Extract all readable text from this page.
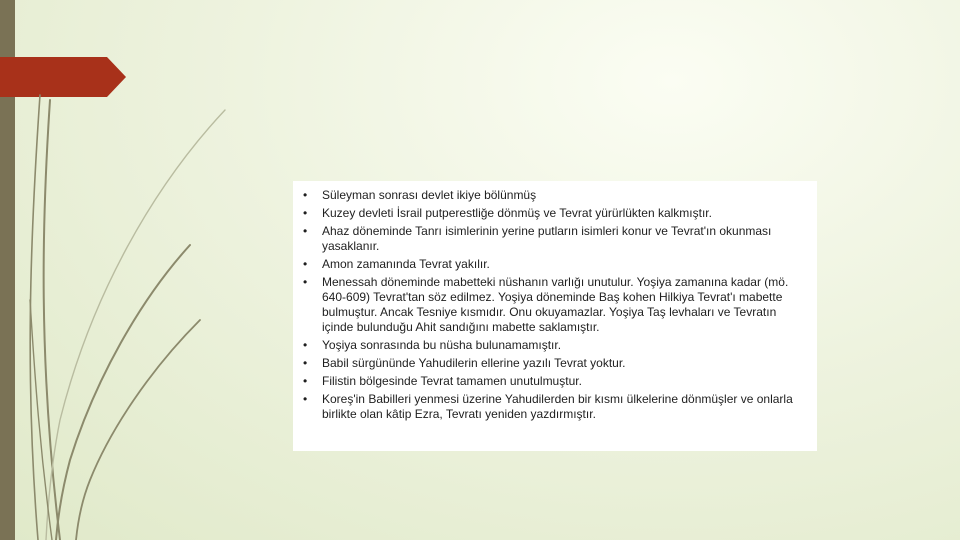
•	Süleyman sonrası devlet ikiye bölünmüş
•	Kuzey devleti İsrail putperestliğe dönmüş ve Tevrat yürürlükten kalkmıştır.
•	Ahaz döneminde Tanrı isimlerinin yerine putların isimleri konur ve Tevrat'ın okunması yasaklanır.
•	Amon zamanında Tevrat yakılır.
•	Menessah döneminde mabetteki nüshanın varlığı unutulur. Yoşiya zamanına kadar (mö. 640-609) Tevrat'tan söz edilmez. Yoşiya döneminde Baş kohen Hilkiya Tevrat'ı mabette bulmuştur. Ancak Tesniye kısmıdır. Onu okuyamazlar. Yoşiya Taş levhaları ve Tevratın içinde bulunduğu Ahit sandığını mabette saklamıştır.
•	Yoşiya sonrasında bu nüsha bulunamamıştır.
•	Babil sürgününde Yahudilerin ellerine yazılı Tevrat yoktur.
•	Filistin bölgesinde Tevrat tamamen unutulmuştur.
•	Koreş'in Babilleri yenmesi üzerine Yahudilerden bir kısmı ülkelerine dönmüşler ve onlarla birlikte olan kâtip Ezra, Tevratı yeniden yazdırmıştır.
